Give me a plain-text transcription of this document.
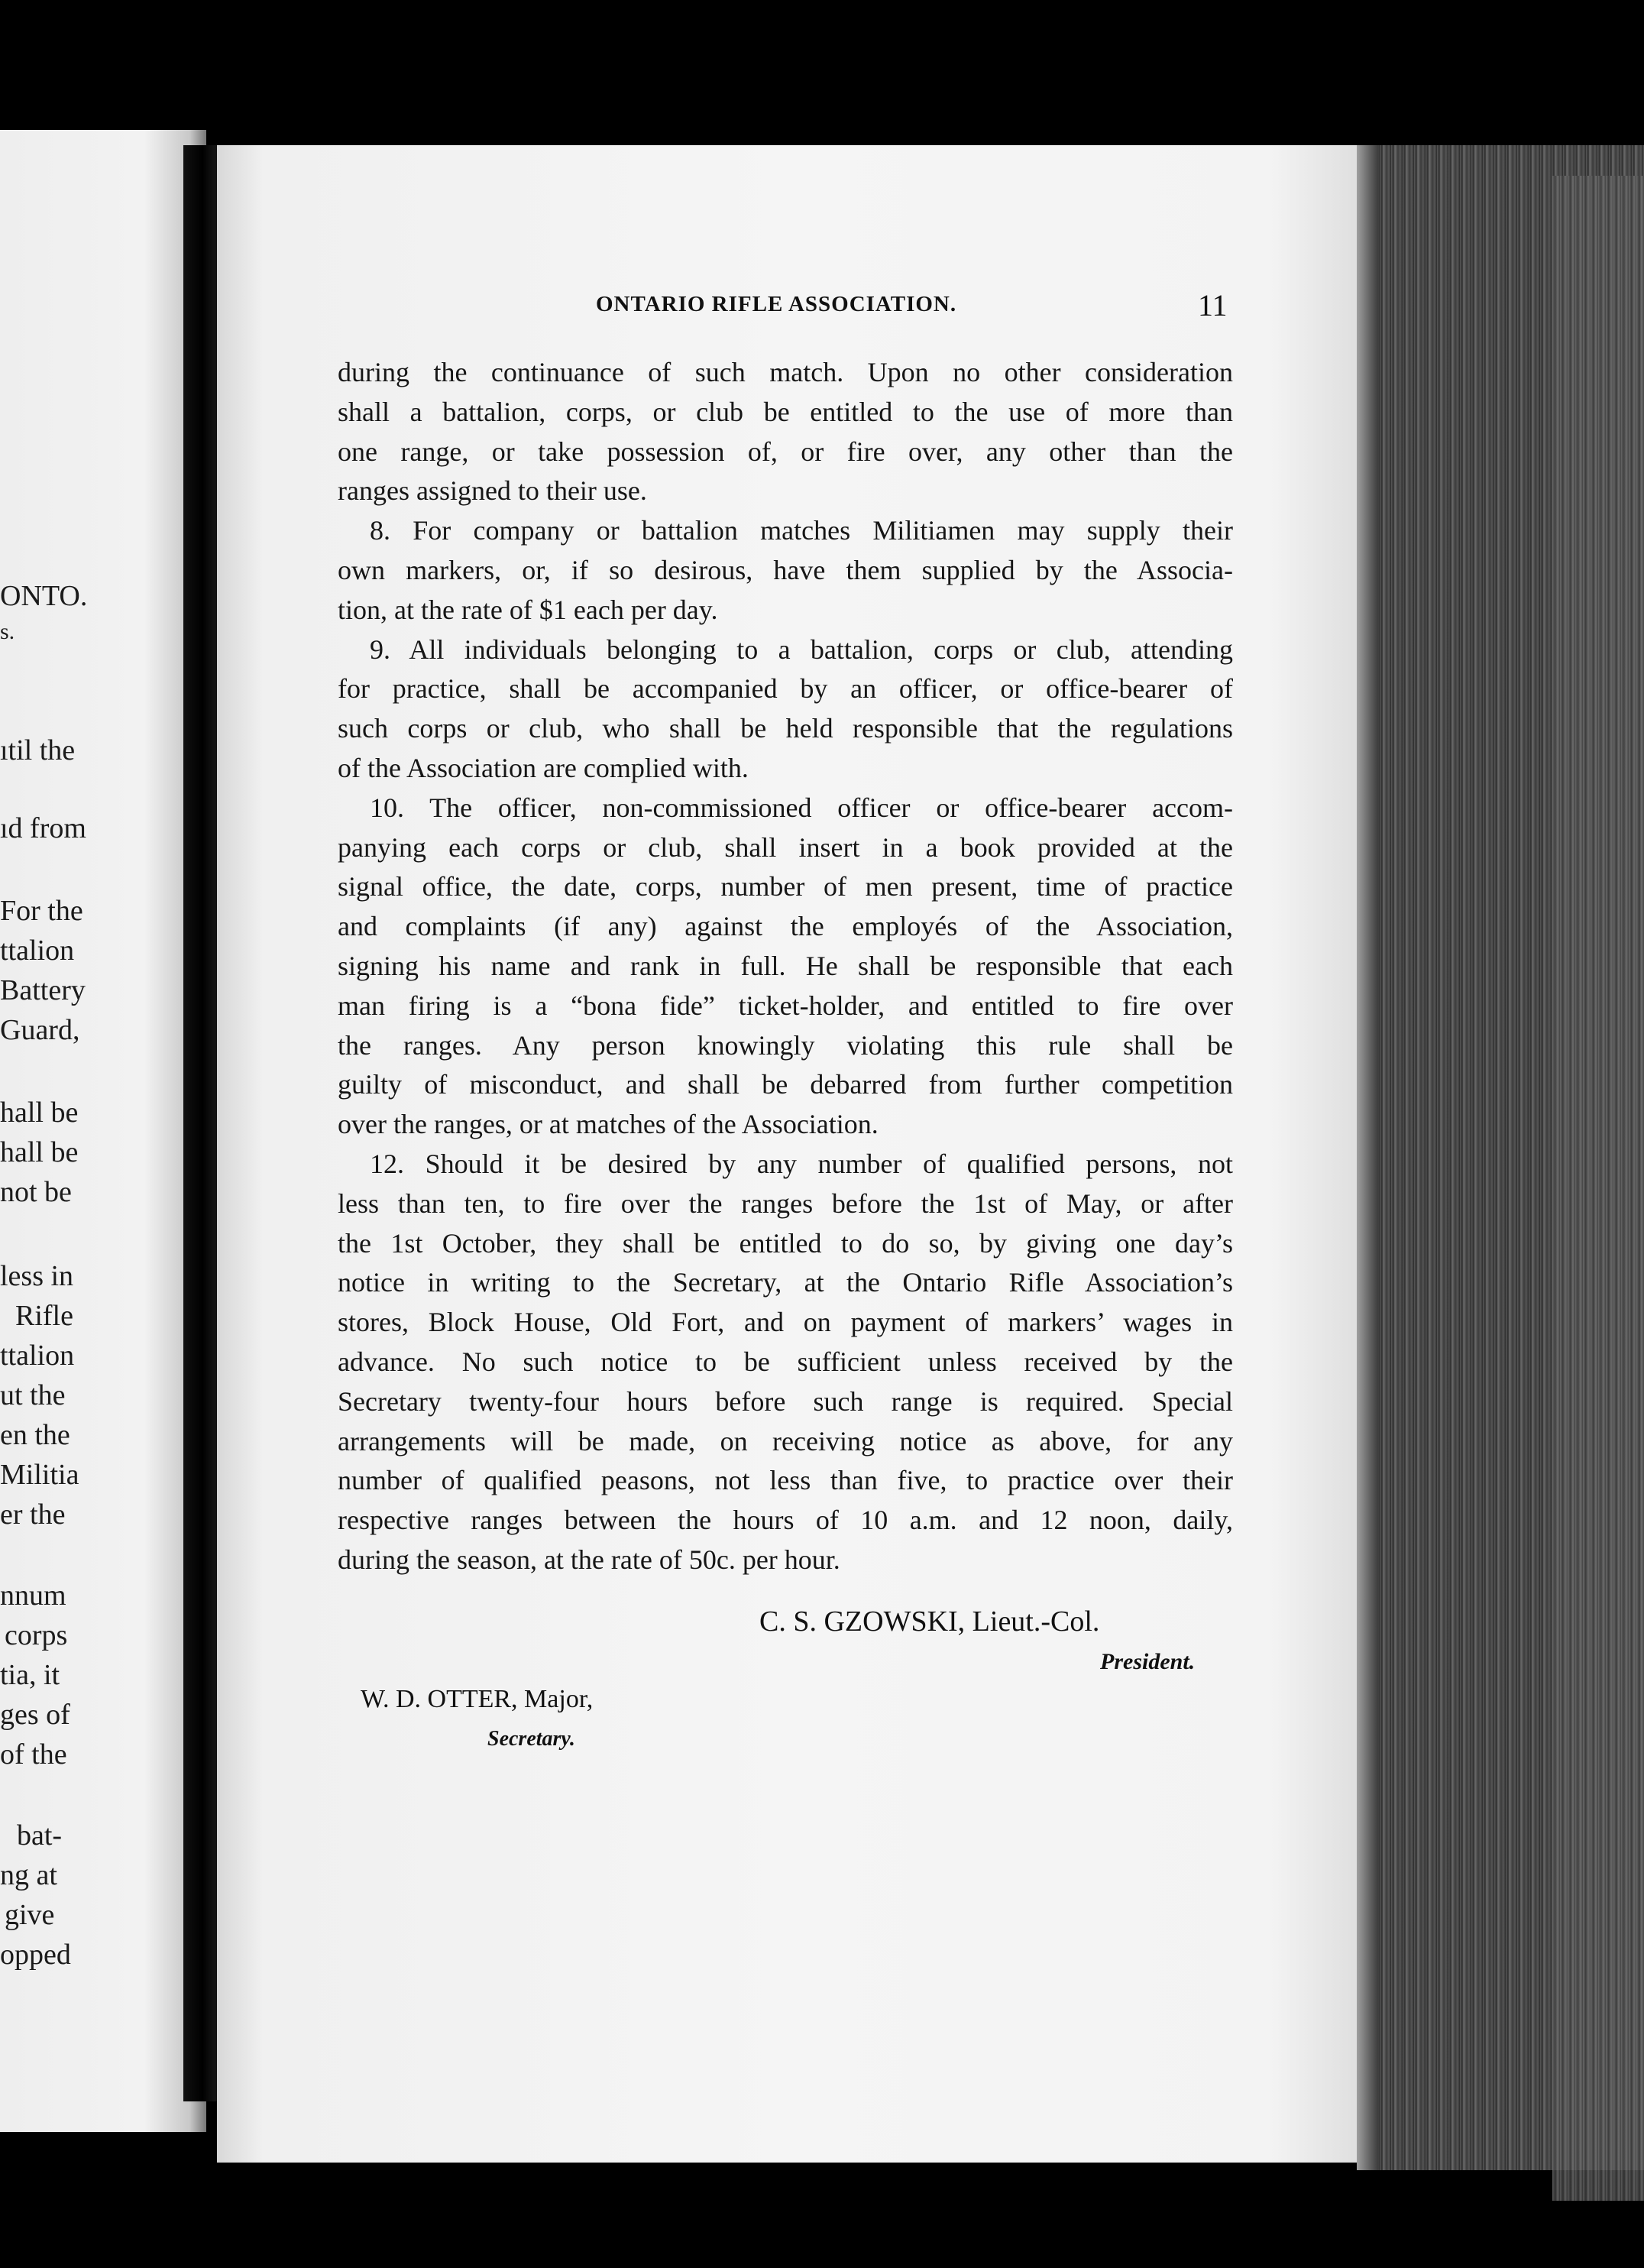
ONTO.
s.
ıtil the
ıd from
For the
ttalion
Battery
Guard,
hall be
hall be
not be
less in
Rifle
ttalion
ut the
en the
Militia
er the
nnum
corps
tia, it
ges of
of the
bat-
ng at
give
opped
ONTARIO RIFLE ASSOCIATION.	11
during the continuance of such match. Upon no other consideration
shall a battalion, corps, or club be entitled to the use of more than
one range, or take possession of, or fire over, any other than the
ranges assigned to their use.
8. For company or battalion matches Militiamen may supply their
own markers, or, if so desirous, have them supplied by the Associa-
tion, at the rate of $1 each per day.
9. All individuals belonging to a battalion, corps or club, attending
for practice, shall be accompanied by an officer, or office-bearer of
such corps or club, who shall be held responsible that the regulations
of the Association are complied with.
10. The officer, non-commissioned officer or office-bearer accom-
panying each corps or club, shall insert in a book provided at the
signal office, the date, corps, number of men present, time of practice
and complaints (if any) against the employés of the Association,
signing his name and rank in full. He shall be responsible that each
man firing is a “bona fide” ticket-holder, and entitled to fire over
the ranges. Any person knowingly violating this rule shall be
guilty of misconduct, and shall be debarred from further competition
over the ranges, or at matches of the Association.
12. Should it be desired by any number of qualified persons, not
less than ten, to fire over the ranges before the 1st of May, or after
the 1st October, they shall be entitled to do so, by giving one day’s
notice in writing to the Secretary, at the Ontario Rifle Association’s
stores, Block House, Old Fort, and on payment of markers’ wages in
advance. No such notice to be sufficient unless received by the
Secretary twenty-four hours before such range is required. Special
arrangements will be made, on receiving notice as above, for any
number of qualified peasons, not less than five, to practice over their
respective ranges between the hours of 10 a.m. and 12 noon, daily,
during the season, at the rate of 50c. per hour.
C. S. GZOWSKI, Lieut.-Col.
President.
W. D. OTTER, Major,
Secretary.
